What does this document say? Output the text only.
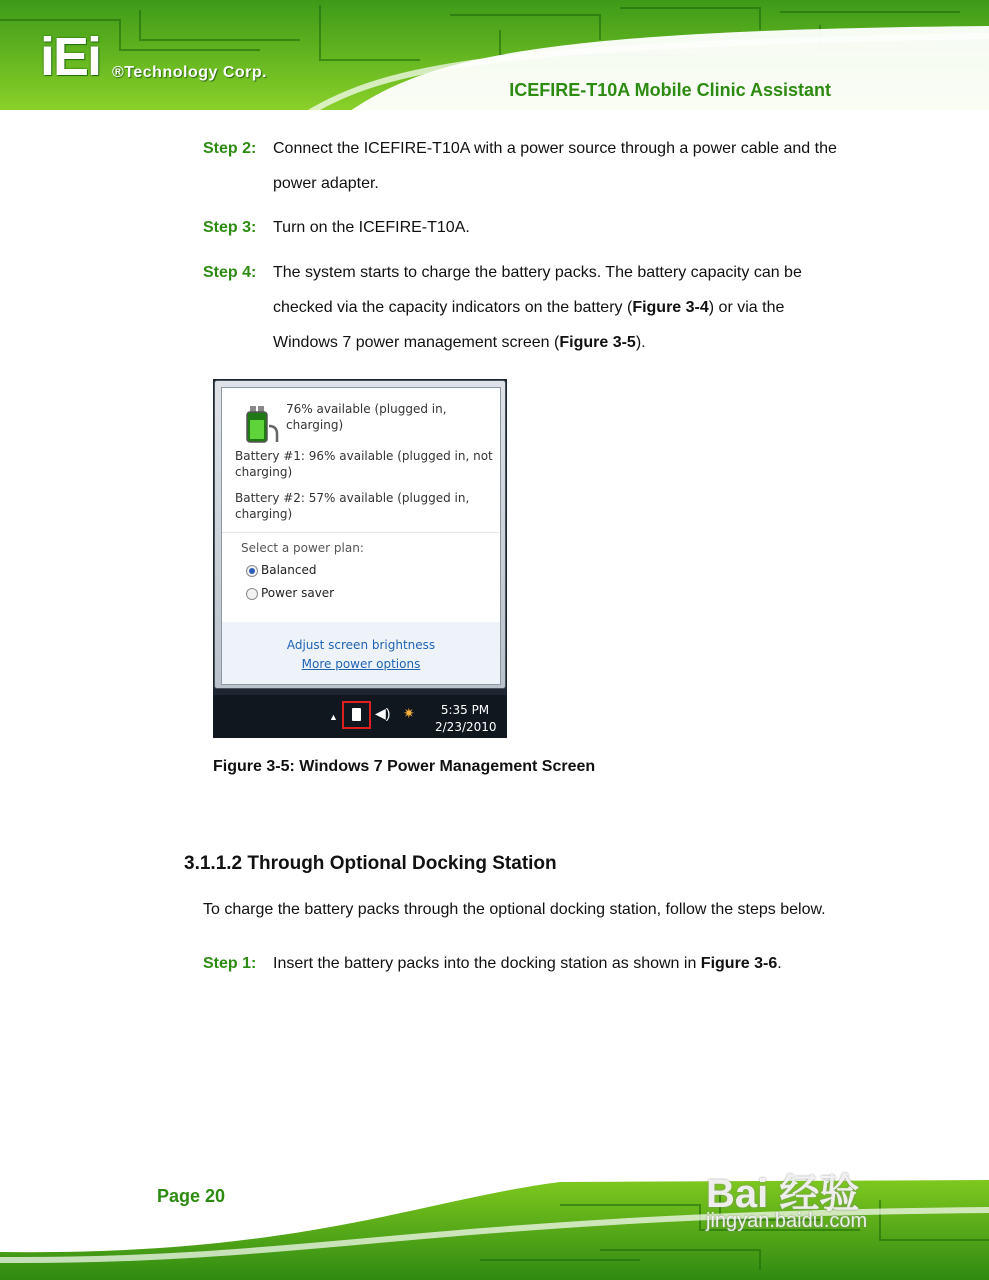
iEi ®Technology Corp.
ICEFIRE-T10A Mobile Clinic Assistant
Step 2: Connect the ICEFIRE-T10A with a power source through a power cable and the
power adapter.
Step 3: Turn on the ICEFIRE-T10A.
Step 4: The system starts to charge the battery packs. The battery capacity can be
checked via the capacity indicators on the battery (Figure 3-4) or via the
Windows 7 power management screen (Figure 3-5).
76% available (plugged in,
charging)
Battery #1: 96% available (plugged in, not
charging)
Battery #2: 57% available (plugged in,
charging)
Select a power plan:
Balanced
Power saver
Adjust screen brightness
More power options
▲	◀) ✷	5:35 PM
2/23/2010
Figure 3-5: Windows 7 Power Management Screen
3.1.1.2 Through Optional Docking Station
To charge the battery packs through the optional docking station, follow the steps below.
Step 1: Insert the battery packs into the docking station as shown in Figure 3-6.
Page 20	Bai 经验
jingyan.baidu.com
